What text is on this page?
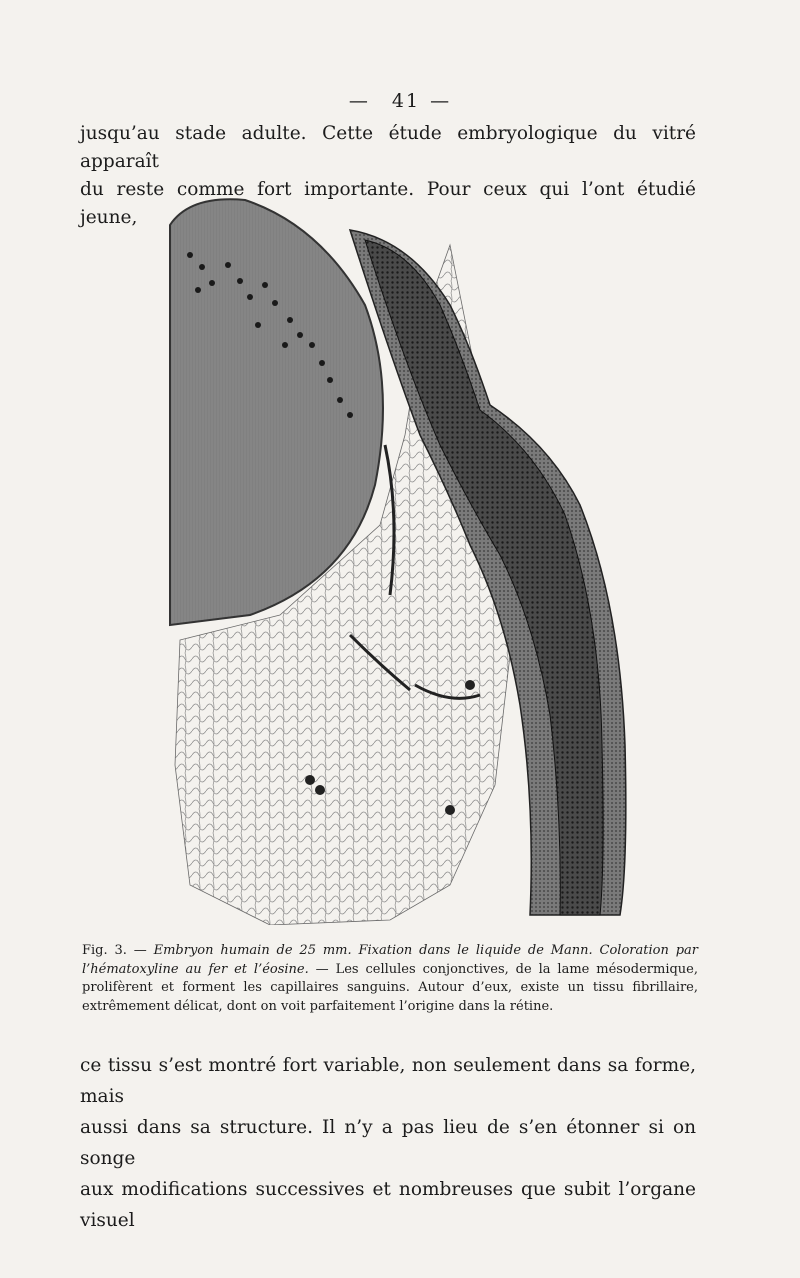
— 41 —

jusqu’au stade adulte. Cette étude embryologique du vitré apparaît

du reste comme fort importante. Pour ceux qui l’ont étudié jeune,

Fig. 3. — Embryon humain de 25 mm. Fixation dans le liquide de Mann. Coloration par l’hématoxyline au fer et l’éosine. — Les cellules conjonctives, de la lame mésodermique, prolifèrent et forment les capillaires sanguins. Autour d’eux, existe un tissu fibrillaire, extrêmement délicat, dont on voit parfaitement l’origine dans la rétine.

ce tissu s’est montré fort variable, non seulement dans sa forme, mais

aussi dans sa structure. Il n’y a pas lieu de s’en étonner si on songe

aux modifications successives et nombreuses que subit l’organe visuel
